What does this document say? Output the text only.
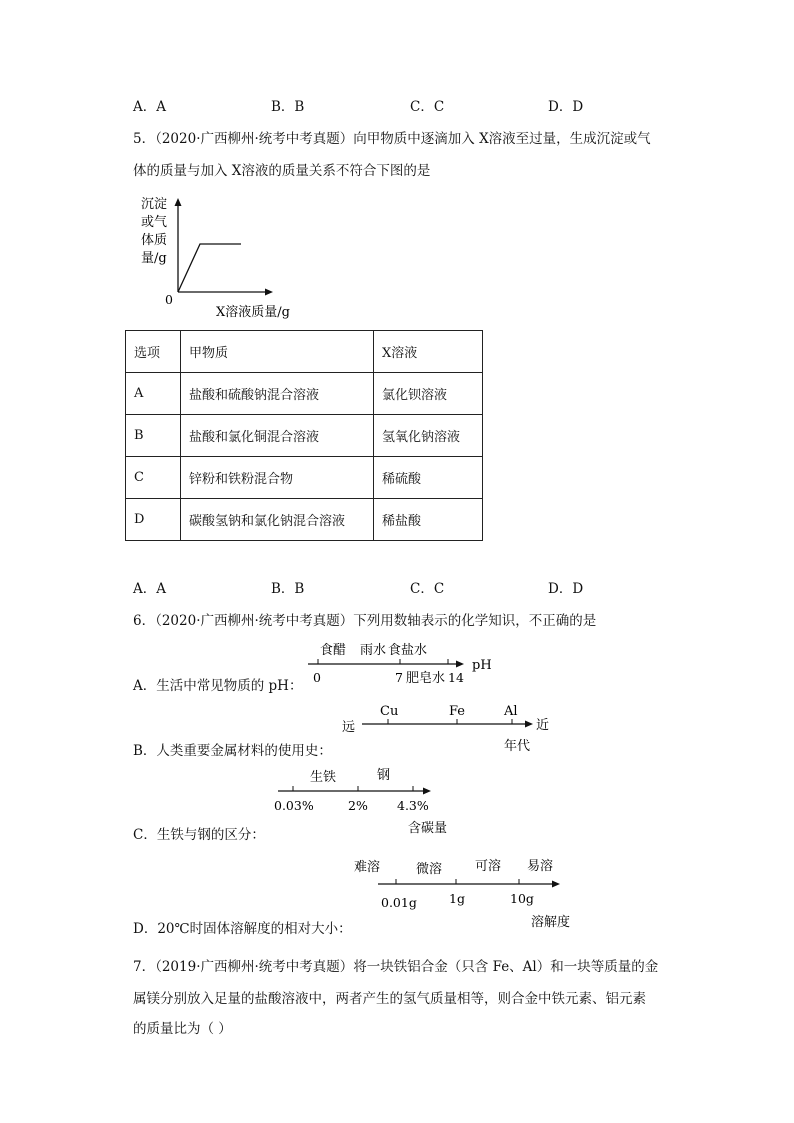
A．A	B．B	C．C	D．D
5．（2020·广西柳州·统考中考真题）向甲物质中逐滴加入 X溶液至过量，生成沉淀或气
体的质量与加入 X溶液的质量关系不符合下图的是
沉淀
或气
体质
量/g
0
X溶液质量/g
选项	甲物质	X溶液
A	盐酸和硫酸钠混合溶液	氯化钡溶液
B	盐酸和氯化铜混合溶液	氢氧化钠溶液
C	锌粉和铁粉混合物	稀硫酸
D	碳酸氢钠和氯化钠混合溶液	稀盐酸
A．A	B．B	C．C	D．D
6．（2020·广西柳州·统考中考真题）下列用数轴表示的化学知识，不正确的是
A．生活中常见物质的 pH：
食醋 雨水 食盐水
0	7 肥皂水 14
pH
B．人类重要金属材料的使用史：
远
Cu	Fe	Al
近
年代
C．生铁与钢的区分：
生铁	钢
0.03%	2% 4.3%
含碳量
D．20℃时固体溶解度的相对大小：
难溶	微溶	可溶 易溶
0.01g	1g	10g
溶解度
7．（2019·广西柳州·统考中考真题）将一块铁铝合金（只含 Fe、Al）和一块等质量的金
属镁分别放入足量的盐酸溶液中，两者产生的氢气质量相等，则合金中铁元素、铝元素
的质量比为（ ）
